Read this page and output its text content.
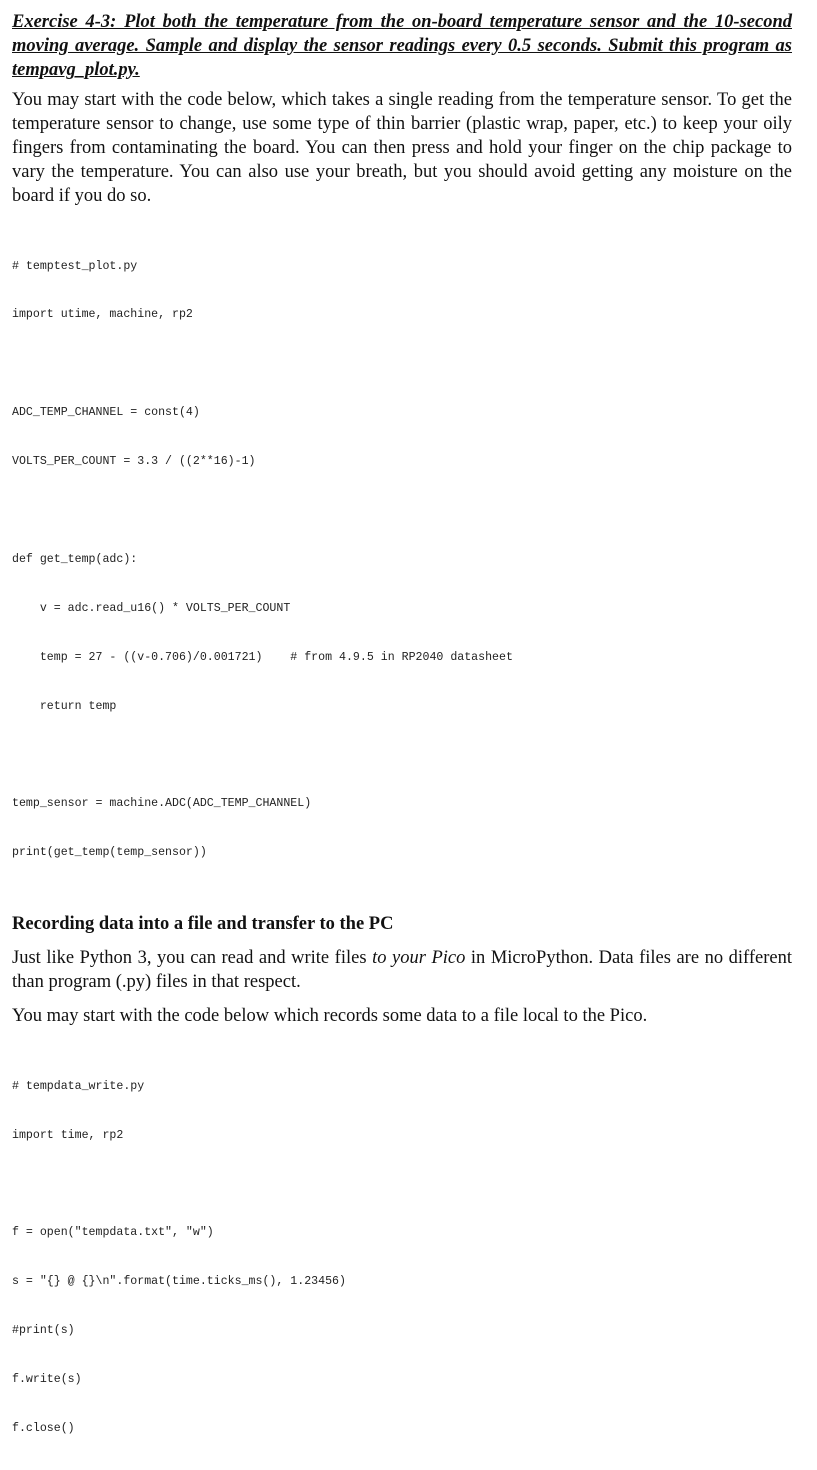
Exercise 4-3: Plot both the temperature from the on-board temperature sensor and the 10-second moving average. Sample and display the sensor readings every 0.5 seconds. Submit this program as tempavg_plot.py.

You may start with the code below, which takes a single reading from the temperature sensor. To get the temperature sensor to change, use some type of thin barrier (plastic wrap, paper, etc.) to keep your oily fingers from contaminating the board. You can then press and hold your finger on the chip package to vary the temperature. You can also use your breath, but you should avoid getting any moisture on the board if you do so.

# temptest_plot.py

import utime, machine, rp2

ADC_TEMP_CHANNEL = const(4)

VOLTS_PER_COUNT = 3.3 / ((2**16)-1)

def get_temp(adc):

v = adc.read_u16() * VOLTS_PER_COUNT

temp = 27 - ((v-0.706)/0.001721)    # from 4.9.5 in RP2040 datasheet

return temp

temp_sensor = machine.ADC(ADC_TEMP_CHANNEL)

print(get_temp(temp_sensor))

Recording data into a file and transfer to the PC

Just like Python 3, you can read and write files to your Pico in MicroPython. Data files are no different than program (.py) files in that respect.

You may start with the code below which records some data to a file local to the Pico.

# tempdata_write.py

import time, rp2

f = open("tempdata.txt", "w")

s = "{} @ {}\n".format(time.ticks_ms(), 1.23456)

#print(s)

f.write(s)

f.close()
